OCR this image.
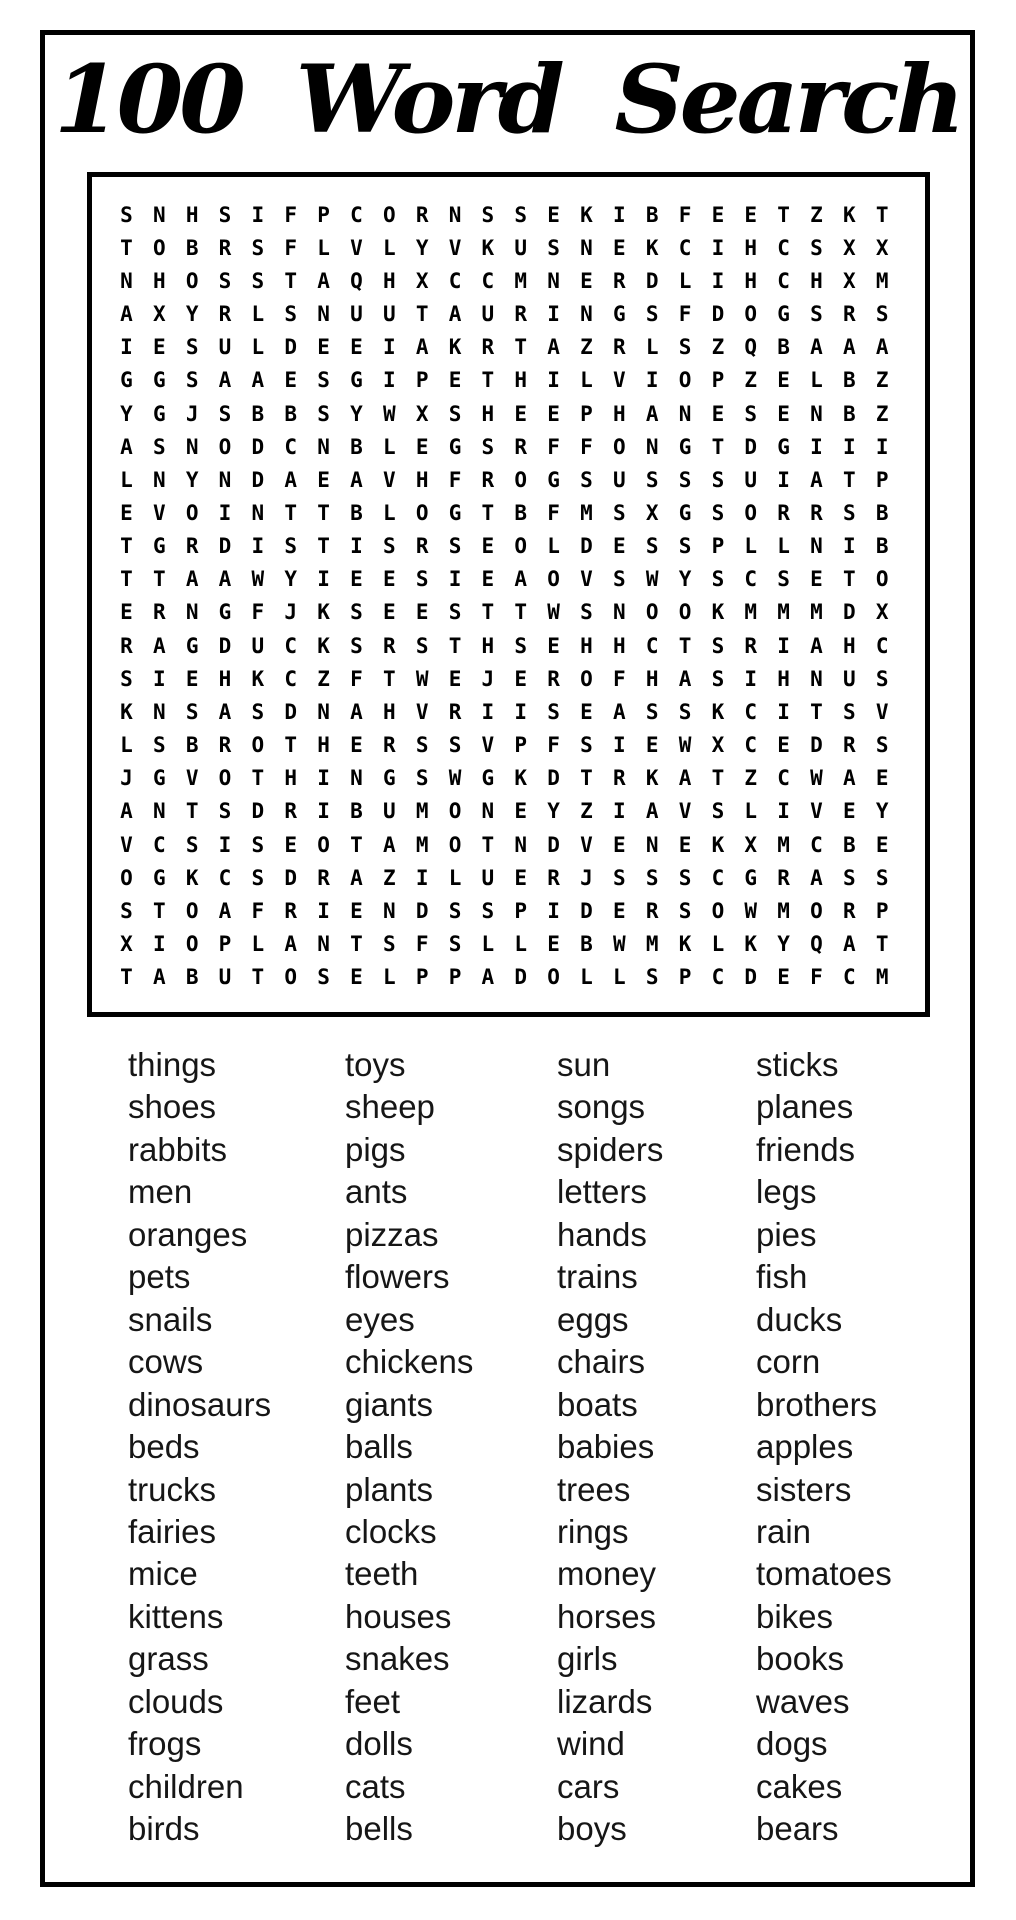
100 Word Search
S N H S I F P C O R N S S E K I B F E E T Z K T
T O B R S F L V L Y V K U S N E K C I H C S X X
N H O S S T A Q H X C C M N E R D L I H C H X M
A X Y R L S N U U T A U R I N G S F D O G S R S
I E S U L D E E I A K R T A Z R L S Z Q B A A A
G G S A A E S G I P E T H I L V I O P Z E L B Z
Y G J S B B S Y W X S H E E P H A N E S E N B Z
A S N O D C N B L E G S R F F O N G T D G I I I
L N Y N D A E A V H F R O G S U S S S U I A T P
E V O I N T T B L O G T B F M S X G S O R R S B
T G R D I S T I S R S E O L D E S S P L L N I B
T T A A W Y I E E S I E A O V S W Y S C S E T O
E R N G F J K S E E S T T W S N O O K M M M D X
R A G D U C K S R S T H S E H H C T S R I A H C
S I E H K C Z F T W E J E R O F H A S I H N U S
K N S A S D N A H V R I I S E A S S K C I T S V
L S B R O T H E R S S V P F S I E W X C E D R S
J G V O T H I N G S W G K D T R K A T Z C W A E
A N T S D R I B U M O N E Y Z I A V S L I V E Y
V C S I S E O T A M O T N D V E N E K X M C B E
O G K C S D R A Z I L U E R J S S S C G R A S S
S T O A F R I E N D S S P I D E R S O W M O R P
X I O P L A N T S F S L L E B W M K L K Y Q A T
T A B U T O S E L P P A D O L L S P C D E F C M
things
shoes
rabbits
men
oranges
pets
snails
cows
dinosaurs
beds
trucks
fairies
mice
kittens
grass
clouds
frogs
children
birds
toys
sheep
pigs
ants
pizzas
flowers
eyes
chickens
giants
balls
plants
clocks
teeth
houses
snakes
feet
dolls
cats
bells
sun
songs
spiders
letters
hands
trains
eggs
chairs
boats
babies
trees
rings
money
horses
girls
lizards
wind
cars
boys
sticks
planes
friends
legs
pies
fish
ducks
corn
brothers
apples
sisters
rain
tomatoes
bikes
books
waves
dogs
cakes
bears
